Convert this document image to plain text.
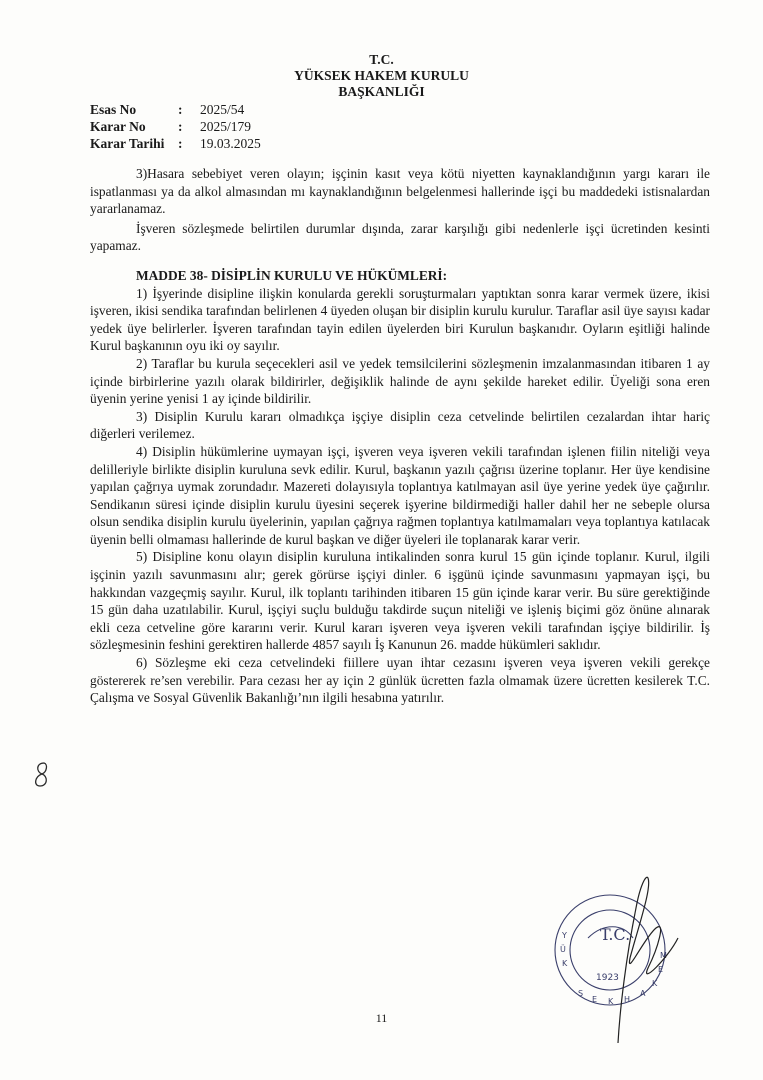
T.C.
YÜKSEK HAKEM KURULU
BAŞKANLIĞI
Esas No	:	2025/54
Karar No	:	2025/179
Karar Tarihi	:	19.03.2025

3)Hasara sebebiyet veren olayın; işçinin kasıt veya kötü niyetten kaynaklandığının yargı kararı ile ispatlanması ya da alkol almasından mı kaynaklandığının belgelenmesi hallerinde işçi bu maddedeki istisnalardan yararlanamaz.

İşveren sözleşmede belirtilen durumlar dışında, zarar karşılığı gibi nedenlerle işçi ücretinden kesinti yapamaz.

MADDE 38- DİSİPLİN KURULU VE HÜKÜMLERİ:

1) İşyerinde disipline ilişkin konularda gerekli soruşturmaları yaptıktan sonra karar vermek üzere, ikisi işveren, ikisi sendika tarafından belirlenen 4 üyeden oluşan bir disiplin kurulu kurulur. Taraflar asil üye sayısı kadar yedek üye belirlerler. İşveren tarafından tayin edilen üyelerden biri Kurulun başkanıdır. Oyların eşitliği halinde Kurul başkanının oyu iki oy sayılır.

2) Taraflar bu kurula seçecekleri asil ve yedek temsilcilerini sözleşmenin imzalanmasından itibaren 1 ay içinde birbirlerine yazılı olarak bildirirler, değişiklik halinde de aynı şekilde hareket edilir. Üyeliği sona eren üyenin yerine yenisi 1 ay içinde bildirilir.

3) Disiplin Kurulu kararı olmadıkça işçiye disiplin ceza cetvelinde belirtilen cezalardan ihtar hariç diğerleri verilemez.

4) Disiplin hükümlerine uymayan işçi, işveren veya işveren vekili tarafından işlenen fiilin niteliği veya delilleriyle birlikte disiplin kuruluna sevk edilir. Kurul, başkanın yazılı çağrısı üzerine toplanır. Her üye kendisine yapılan çağrıya uymak zorundadır. Mazereti dolayısıyla toplantıya katılmayan asil üye yerine yedek üye çağırılır. Sendikanın süresi içinde disiplin kurulu üyesini seçerek işyerine bildirmediği haller dahil her ne sebeple olursa olsun sendika disiplin kurulu üyelerinin, yapılan çağrıya rağmen toplantıya katılmamaları veya toplantıya katılacak üyenin belli olmaması hallerinde de kurul başkan ve diğer üyeleri ile toplanarak karar verir.

5) Disipline konu olayın disiplin kuruluna intikalinden sonra kurul 15 gün içinde toplanır. Kurul, ilgili işçinin yazılı savunmasını alır; gerek görürse işçiyi dinler. 6 işgünü içinde savunmasını yapmayan işçi, bu hakkından vazgeçmiş sayılır. Kurul, ilk toplantı tarihinden itibaren 15 gün içinde karar verir. Bu süre gerektiğinde 15 gün daha uzatılabilir. Kurul, işçiyi suçlu bulduğu takdirde suçun niteliği ve işleniş biçimi göz önüne alınarak ekli ceza cetveline göre kararını verir. Kurul kararı işveren veya işveren vekili tarafından işçiye bildirilir. İş sözleşmesinin feshini gerektiren hallerde 4857 sayılı İş Kanunun 26. madde hükümleri saklıdır.

6) Sözleşme eki ceza cetvelindeki fiillere uyan ihtar cezasını işveren veya işveren vekili gerekçe göstererek re’sen verebilir. Para cezası her ay için 2 günlük ücretten fazla olmamak üzere ücretten kesilerek T.C. Çalışma ve Sosyal Güvenlik Bakanlığı’nın ilgili hesabına yatırılır.

T.C.
1923
Y Ü K SE K HAK EM
11
